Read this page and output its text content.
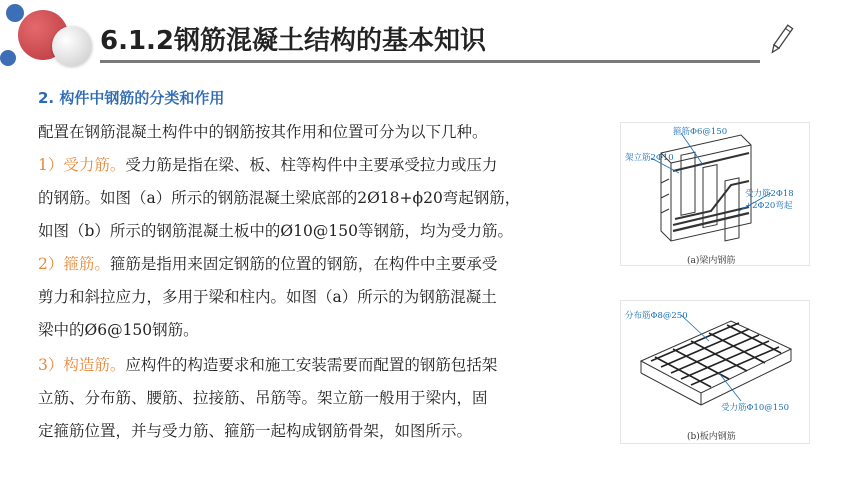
6.1.2钢筋混凝土结构的基本知识
2. 构件中钢筋的分类和作用
配置在钢筋混凝土构件中的钢筋按其作用和位置可分为以下几种。
1）受力筋。受力筋是指在梁、板、柱等构件中主要承受拉力或压力
的钢筋。如图（a）所示的钢筋混凝土梁底部的2Ø18+ϕ20弯起钢筋，
如图（b）所示的钢筋混凝土板中的Ø10@150等钢筋，均为受力筋。
2）箍筋。箍筋是指用来固定钢筋的位置的钢筋，在构件中主要承受
剪力和斜拉应力，多用于梁和柱内。如图（a）所示的为钢筋混凝土
梁中的Ø6@150钢筋。
3）构造筋。应构件的构造要求和施工安装需要而配置的钢筋包括架
立筋、分布筋、腰筋、拉接筋、吊筋等。架立筋一般用于梁内，固
定箍筋位置，并与受力筋、箍筋一起构成钢筋骨架，如图所示。
箍筋Φ6@150
架立筋2Φ10
受力筋2Φ18
+2Φ20弯起
(a)梁内钢筋
分布筋Φ8@250
受力筋Φ10@150
(b)板内钢筋
